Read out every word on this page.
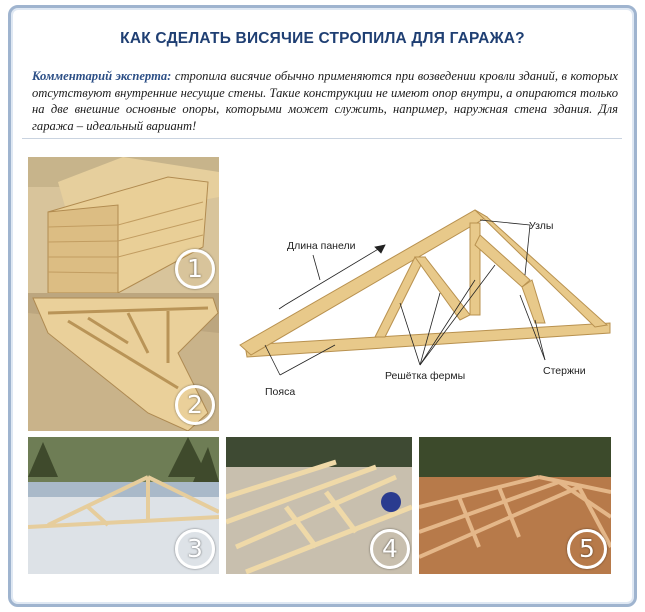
КАК СДЕЛАТЬ ВИСЯЧИЕ СТРОПИЛА ДЛЯ ГАРАЖА?
Комментарий эксперта: стропила висячие обычно применяются при возведении кровли зданий, в которых отсутствуют внутренние несущие стены. Такие конструкции не имеют опор внутри, а опираются только на две внешние основные опоры, которыми может служить, например, наружная стена здания. Для гаража – идеальный вариант!
1
2
3	4	5
Длина панели
Узлы
Пояса
Решётка фермы	Стержни
